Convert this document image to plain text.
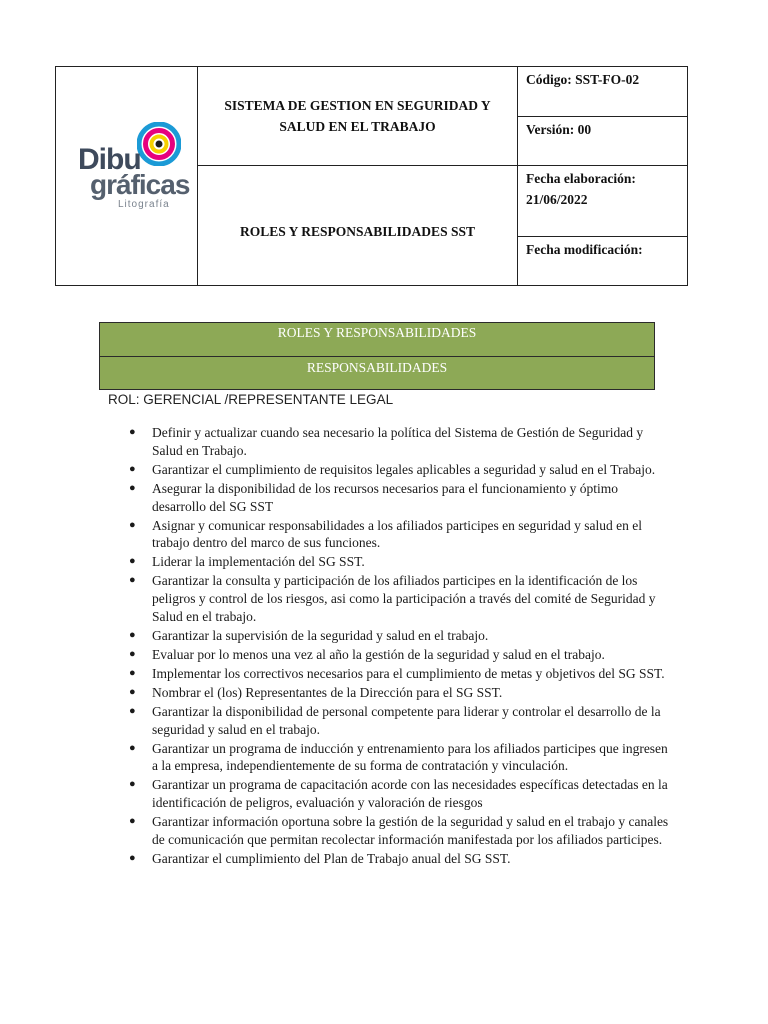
Dibu
gráficas
Litografía
SISTEMA DE GESTION EN SEGURIDAD Y SALUD EN EL TRABAJO
ROLES Y RESPONSABILIDADES SST
Código: SST-FO-02
Versión: 00
Fecha elaboración:
21/06/2022
Fecha modificación:
ROLES Y RESPONSABILIDADES
RESPONSABILIDADES
ROL: GERENCIAL /REPRESENTANTE LEGAL
● Definir y actualizar cuando sea necesario la política del Sistema de Gestión de Seguridad y Salud en Trabajo.
● Garantizar el cumplimiento de requisitos legales aplicables a seguridad y salud en el Trabajo.
● Asegurar la disponibilidad de los recursos necesarios para el funcionamiento y óptimo desarrollo del SG SST
● Asignar y comunicar responsabilidades a los afiliados participes en seguridad y salud en el trabajo dentro del marco de sus funciones.
● Liderar la implementación del SG SST.
● Garantizar la consulta y participación de los afiliados participes en la identificación de los peligros y control de los riesgos, asi como la participación a través del comité de Seguridad y Salud en el trabajo.
● Garantizar la supervisión de la seguridad y salud en el trabajo.
● Evaluar por lo menos una vez al año la gestión de la seguridad y salud en el trabajo.
● Implementar los correctivos necesarios para el cumplimiento de metas y objetivos del SG SST.
● Nombrar el (los) Representantes de la Dirección para el SG SST.
● Garantizar la disponibilidad de personal competente para liderar y controlar el desarrollo de la seguridad y salud en el trabajo.
● Garantizar un programa de inducción y entrenamiento para los afiliados participes que ingresen a la empresa, independientemente de su forma de contratación y vinculación.
● Garantizar un programa de capacitación acorde con las necesidades específicas detectadas en la identificación de peligros, evaluación y valoración de riesgos
● Garantizar información oportuna sobre la gestión de la seguridad y salud en el trabajo y canales de comunicación que permitan recolectar información manifestada por los afiliados participes.
● Garantizar el cumplimiento del Plan de Trabajo anual del SG SST.
